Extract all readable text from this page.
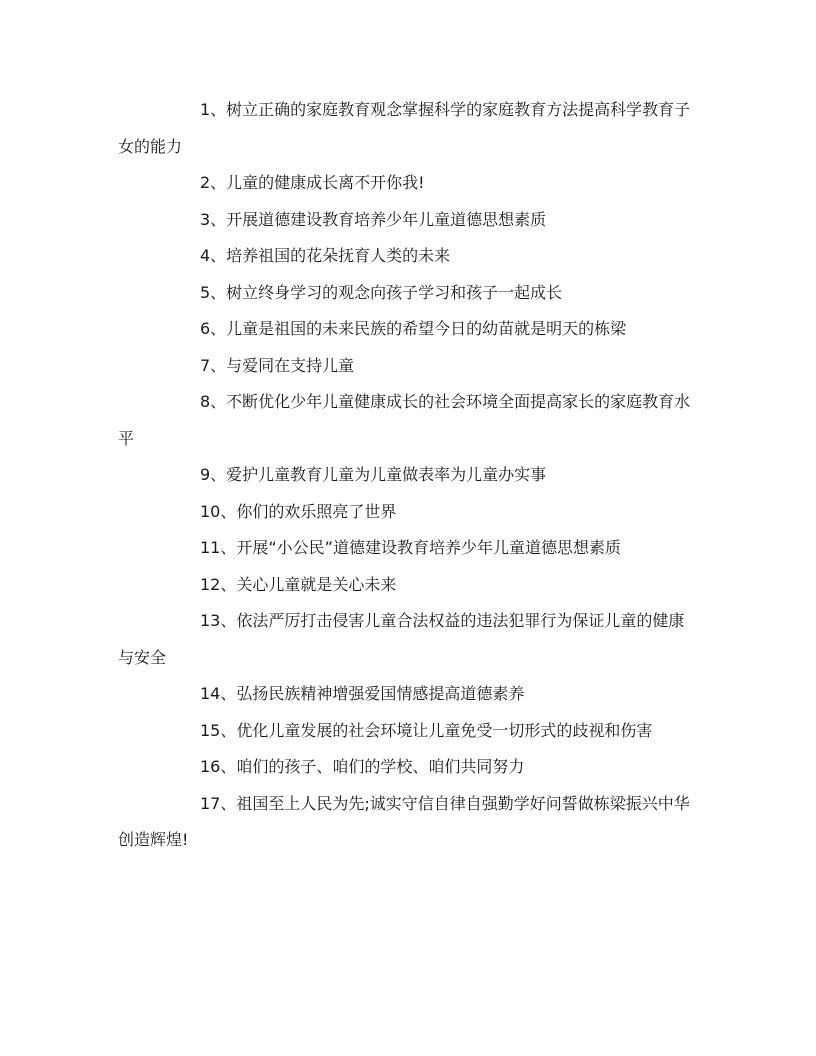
1、树立正确的家庭教育观念掌握科学的家庭教育方法提高科学教育子女的能力

2、儿童的健康成长离不开你我!

3、开展道德建设教育培养少年儿童道德思想素质

4、培养祖国的花朵抚育人类的未来

5、树立终身学习的观念向孩子学习和孩子一起成长

6、儿童是祖国的未来民族的希望今日的幼苗就是明天的栋梁

7、与爱同在支持儿童

8、不断优化少年儿童健康成长的社会环境全面提高家长的家庭教育水平

9、爱护儿童教育儿童为儿童做表率为儿童办实事

10、你们的欢乐照亮了世界

11、开展“小公民”道德建设教育培养少年儿童道德思想素质

12、关心儿童就是关心未来

13、依法严厉打击侵害儿童合法权益的违法犯罪行为保证儿童的健康与安全

14、弘扬民族精神增强爱国情感提高道德素养

15、优化儿童发展的社会环境让儿童免受一切形式的歧视和伤害

16、咱们的孩子、咱们的学校、咱们共同努力

17、祖国至上人民为先;诚实守信自律自强勤学好问誓做栋梁振兴中华创造辉煌!
